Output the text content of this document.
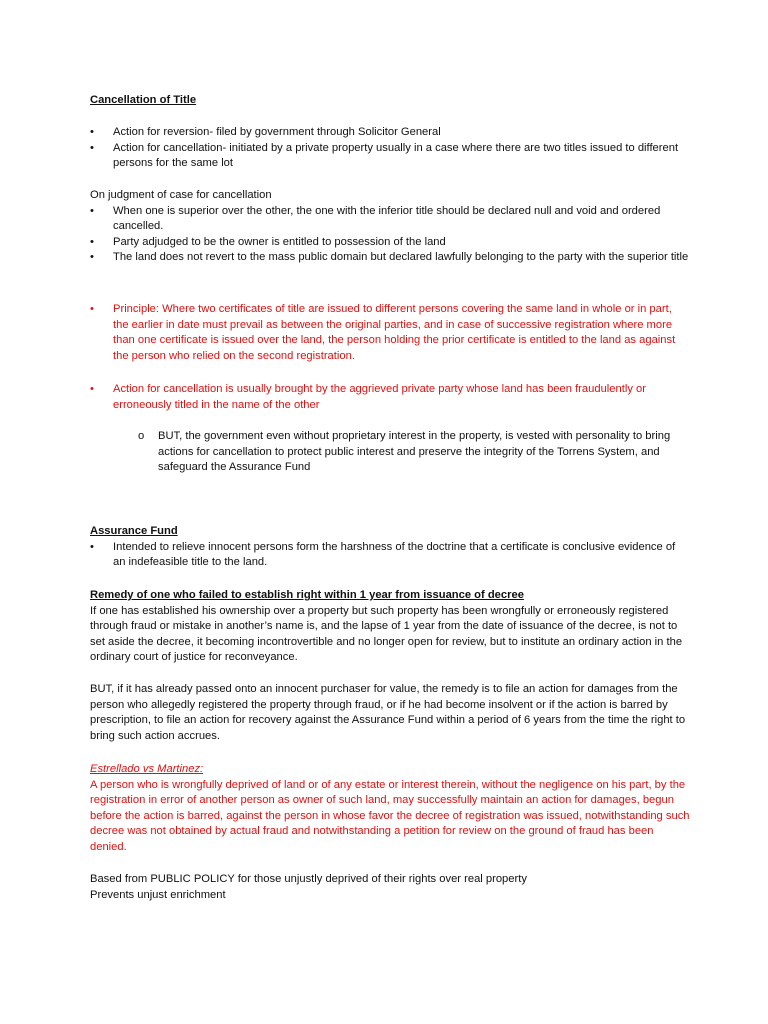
Cancellation of Title
• Action for reversion- filed by government through Solicitor General
• Action for cancellation- initiated by a private property usually in a case where there are two titles issued to different persons for the same lot

On judgment of case for cancellation

• When one is superior over the other, the one with the inferior title should be declared null and void and ordered cancelled.
• Party adjudged to be the owner is entitled to possession of the land
• The land does not revert to the mass public domain but declared lawfully belonging to the party with the superior title
• Principle: Where two certificates of title are issued to different persons covering the same land in whole or in part, the earlier in date must prevail as between the original parties, and in case of successive registration where more than one certificate is issued over the land, the person holding the prior certificate is entitled to the land as against the person who relied on the second registration.
• Action for cancellation is usually brought by the aggrieved private party whose land has been fraudulently or erroneously titled in the name of the other
o BUT, the government even without proprietary interest in the property, is vested with personality to bring actions for cancellation to protect public interest and preserve the integrity of the Torrens System, and safeguard the Assurance Fund
Assurance Fund
• Intended to relieve innocent persons form the harshness of the doctrine that a certificate is conclusive evidence of an indefeasible title to the land.
Remedy of one who failed to establish right within 1 year from issuance of decree

If one has established his ownership over a property but such property has been wrongfully or erroneously registered through fraud or mistake in another’s name is, and the lapse of 1 year from the date of issuance of the decree, is not to set aside the decree, it becoming incontrovertible and no longer open for review, but to institute an ordinary action in the ordinary court of justice for reconveyance.

BUT, if it has already passed onto an innocent purchaser for value, the remedy is to file an action for damages from the person who allegedly registered the property through fraud, or if he had become insolvent or if the action is barred by prescription, to file an action for recovery against the Assurance Fund within a period of 6 years from the time the right to bring such action accrues.

Estrellado vs Martinez:

A person who is wrongfully deprived of land or of any estate or interest therein, without the negligence on his part, by the registration in error of another person as owner of such land, may successfully maintain an action for damages, begun before the action is barred, against the person in whose favor the decree of registration was issued, notwithstanding such decree was not obtained by actual fraud and notwithstanding a petition for review on the ground of fraud has been denied.

Based from PUBLIC POLICY for those unjustly deprived of their rights over real property

Prevents unjust enrichment
